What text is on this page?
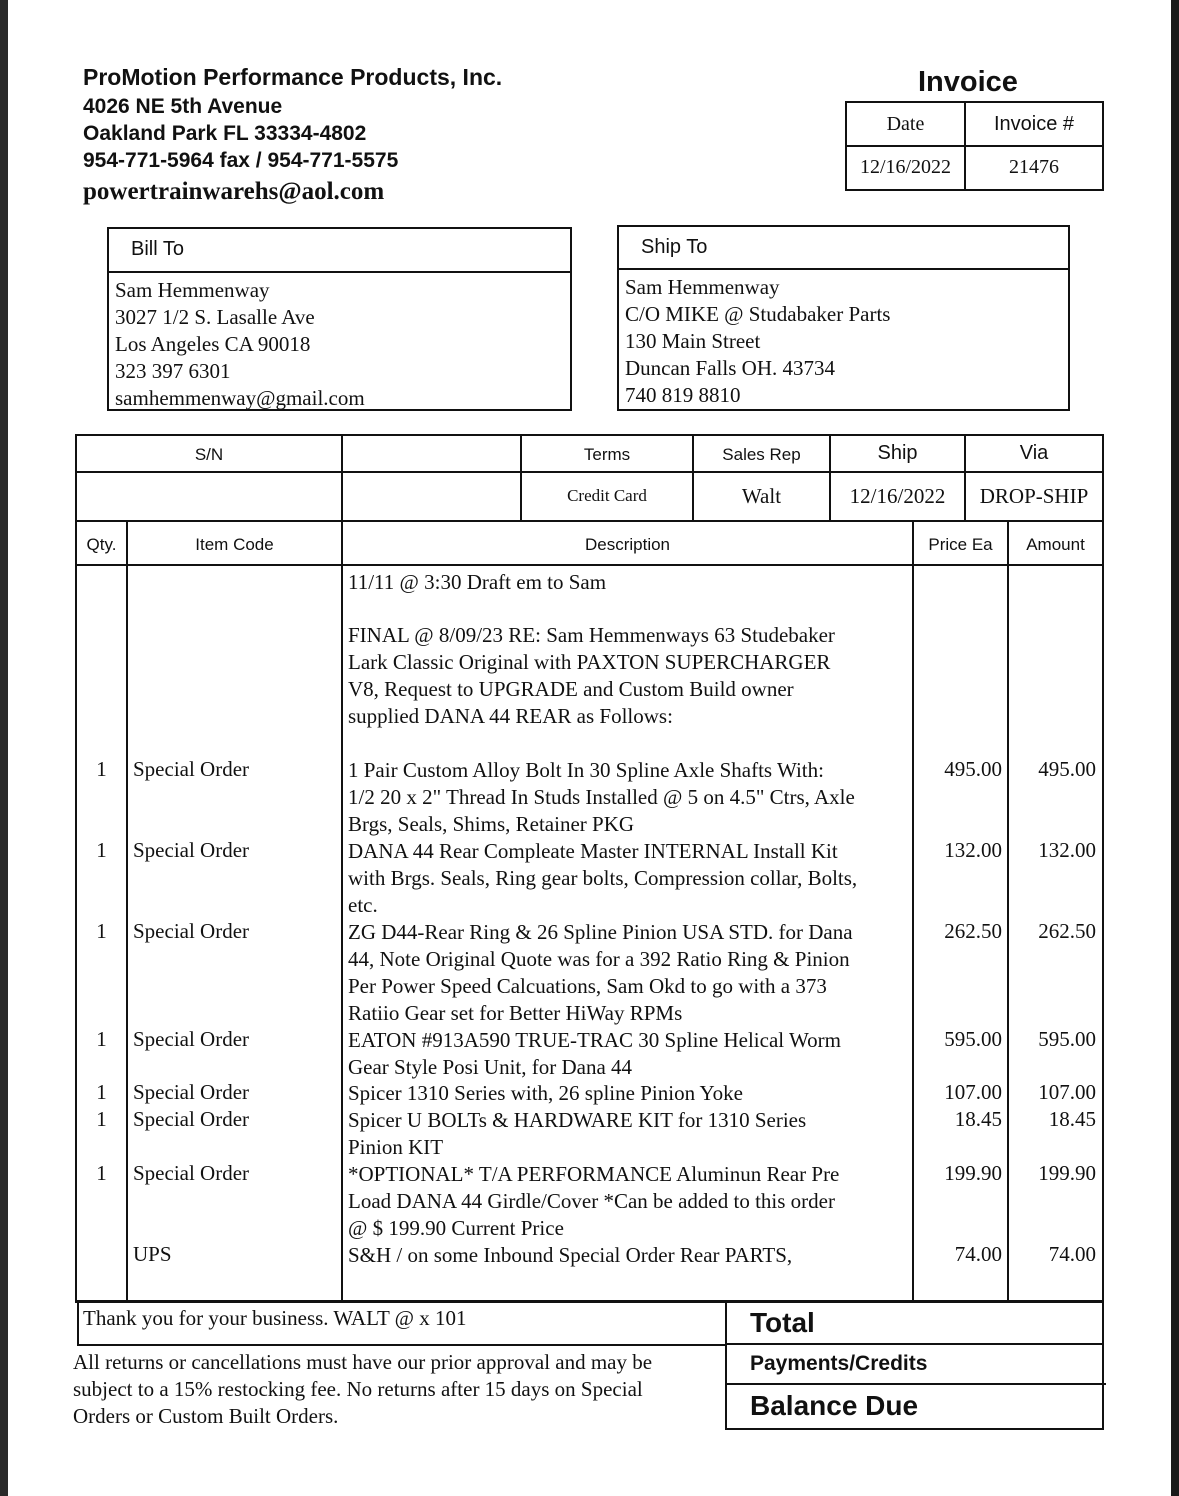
ProMotion Performance Products, Inc.
4026 NE 5th Avenue
Oakland Park FL 33334-4802
954-771-5964 fax / 954-771-5575
powertrainwarehs@aol.com
Invoice
Date	Invoice #
12/16/2022	21476
Bill To
Sam Hemmenway
3027 1/2 S. Lasalle Ave
Los Angeles CA 90018
323 397 6301
samhemmenway@gmail.com
Ship To
Sam Hemmenway
C/O MIKE @ Studabaker Parts
130 Main Street
Duncan Falls OH. 43734
740 819 8810
S/N	Terms	Sales Rep	Ship	Via
Credit Card	Walt	12/16/2022	DROP-SHIP
Qty.	Item Code	Description	Price Ea	Amount
11/11 @ 3:30 Draft em to Sam
FINAL @ 8/09/23 RE: Sam Hemmenways 63 Studebaker
Lark Classic Original with PAXTON SUPERCHARGER
V8, Request to UPGRADE and Custom Build owner
supplied DANA 44 REAR as Follows:
1	Special Order	1 Pair Custom Alloy Bolt In 30 Spline Axle Shafts With:
1/2 20 x 2" Thread In Studs Installed @ 5 on 4.5" Ctrs, Axle
Brgs, Seals, Shims, Retainer PKG
495.00	495.00
1	Special Order	DANA 44 Rear Compleate Master INTERNAL Install Kit
with Brgs. Seals, Ring gear bolts, Compression collar, Bolts,
etc.
132.00	132.00
1	Special Order	ZG D44-Rear Ring & 26 Spline Pinion USA STD. for Dana
44, Note Original Quote was for a 392 Ratio Ring & Pinion
Per Power Speed Calcuations, Sam Okd to go with a 373
Ratiio Gear set for Better HiWay RPMs
262.50	262.50
1	Special Order	EATON #913A590 TRUE-TRAC 30 Spline Helical Worm
Gear Style Posi Unit, for Dana 44
595.00	595.00
1	Special Order	Spicer 1310 Series with, 26 spline Pinion Yoke	107.00	107.00
1	Special Order	Spicer U BOLTs & HARDWARE KIT for 1310 Series
Pinion KIT
18.45	18.45
1	Special Order	*OPTIONAL* T/A PERFORMANCE Aluminun Rear Pre
Load DANA 44 Girdle/Cover *Can be added to this order
@ $ 199.90 Current Price
199.90	199.90
UPS	S&H / on some Inbound Special Order Rear PARTS,	74.00	74.00
Thank you for your business. WALT @ x 101
All returns or cancellations must have our prior approval and may be
subject to a 15% restocking fee. No returns after 15 days on Special
Orders or Custom Built Orders.
Total
Payments/Credits
Balance Due
